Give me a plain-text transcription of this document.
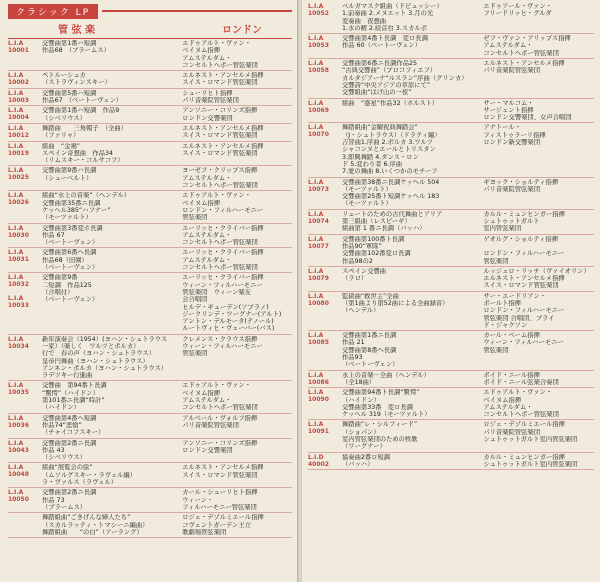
クラシック LP
管 弦 楽	ロンドン
L.I.A
10001
交響曲第1番ハ短調
作品68　（ブラームス）
エドゥアルト・ヴァン・
ベイヌム指揮
アムステルダム・
コンセルトヘボー管弦楽団
L.I.A
10002
ペトルーシュカ
（ストラヴィンスキー）
エルネスト・アンセルメ指揮
スイス・ロマンド管弦楽団
L.I.A
10003
交響曲第5番ハ短調
作品67　（ベートーヴェン）
シューリヒト指揮
パリ音楽院管弦楽団
L.I.A
10004
交響曲第1番ハ短調　作品9
（シベリウス）
アンソニー・コリンズ指揮
ロンドン交響楽団
L.I.A
10012
舞踏曲　　三角帽子　（全曲）
（ファリャ）
エルネスト・アンセルメ指揮
スイス・ロマンド管弦楽団
L.I.A
10019
組曲　“金鶏”
スペイン奇想曲　作品34
（リムスキー・コルサコフ）
エルネスト・アンセルメ指揮
スイス・ロマンド管弦楽団
L.I.A
10025
交響曲第9番ハ長調
（シューベルト）
ヨーゼフ・クリップス指揮
アムステルダム・
コンセルトヘボー管弦楽団
L.I.A
10026
組曲“水上の音楽”（ヘンデル）
交響曲第35番ニ長調
ケッヘル385“ハフナー”
（モーツァルト）
エドゥアルト・ヴァン・
ベイヌム指揮
ロンドン・フィルハーモニー
管弦楽団
L.I.A
10030
交響曲第3番変ホ長調
作品 67
（ベートーヴェン）
エーリッヒ・クライバー指揮
アムステルダム・
コンセルトヘボー管弦楽団
L.I.A
10031
交響曲第6番ヘ長調
作品68（田園）
（ベートーヴェン）
エーリッヒ・クライバー指揮
アムステルダム・
コンセルトヘボー管弦楽団
L.I.A
10032

L.I.A
10033
交響曲第9番
二短調　作品125
（合唱付）
（ベートーヴェン）
エーリッヒ・クライバー指揮
ウィーン・フィルハーモニー
管弦楽団　ウィーン楽友
会合唱団
ヒルデ・ギューデン(ソプラノ)
ジークリンデ・ワーグナー(アルト)
アントン・デルモータ(テノール)
ルートヴィヒ・ヴェーバー(バス)
L.I.A
10034
新年演奏会（1954）(ヨハン・シュトラウス
一家）（楽しく　ワルツとポルカ）
行で　春の声（ヨハン・シュトラウス）
皇帝円舞曲（ヨハン・シュトラウス）
アンネン・ポルカ（ヨハン・シュトラウス）
ラデツキー行進曲
クレメンス・クラウス指揮
ウィーン・フィルハーモニー
管弦楽団
L.I.A
10035
交響曲　第94番ト長調
“驚愕”（ハイドン）
第101番ニ長調“時計”
（ハイドン）
エドゥアルト・ヴァン・
ベイヌム指揮
アムステルダム・
コンセルトヘボー管弦楽団
L.I.A
10036
交響曲第4番ヘ短調
作品74“悲愴”
（チャイコフスキー）
アルベール・ヴォルフ指揮
パリ音楽院管弦楽団
L.I.A
10043
交響曲第2番ニ長調
作品 43
（シベリウス）
アンソニー・コリンズ指揮
ロンドン交響楽団
L.I.A
10048
組曲“展覧会の絵”
（ムソルグスキー・ラヴェル編）
ラ・ヴァルス（ラヴェル）
エルネスト・アンセルメ指揮
スイス・ロマンド管弦楽団
L.I.A
10050
交響曲第2番ニ長調
作品 73
（ブラームス）
カール・シューリヒト指揮
ウィーン・
フィルハーモニー管弦楽団

舞踏組曲“ごきげんな婦人たち”
（スカルラッティ・トマシーニ編曲）
舞踏組曲　　“の白”（アーラング）
ロジェ・デゾルミエール指揮
コヴェントガーデン王立
歌劇場管弦楽団
L.I.A
10052
ベルガマスク組曲（ドビュッシー）
1.前奏曲 2.メヌエット 3.月の光
変奏曲　夜想曲
1.水の精 2.絞首台 3.スカルボ
エドゥアール・ヴァン・
フリードリッヒ・グルダ
L.I.A
10053
交響曲第4番ト長調　変ロ長調
作品 60（ベートーヴェン）
ゼフ・ヴァン・アリップス指揮
アムステルダム・
コンセルトヘボー管弦楽団
L.I.A
10058
交響曲第6番ニ長調作品25
“古典交響曲”（プロコフィエフ）
カルタジアーナ“ルスラン”序曲（グリンカ）
交響詩“中央アジアの草原にて”
交響組曲“はげ山の一夜”
エルネスト・アンセルメ指揮
パリ音楽院管弦楽団
L.I.A
10069
組曲　“惑星”作品32（ホルスト）	サー・マルコム・
サージェント指揮
ロンドン交響楽団、女声合唱団
L.I.A
10070
舞踏組曲“金曜祝典舞踏会”
（J・シュトラウス）（ドラティ編）
吉冒曲1.序曲 2.ポルカ 3.ワルツ
シャコンヌとエールとトリスタン
3.即興舞踏 4.ダンス・ロン
ド 5.変わり者 6.序曲
7.愛の舞曲 8.いくつかのモチーフ
アナトール・
フィストゥラーリ指揮
ロンドン新交響楽団
L.I.A
10073
交響曲第38番ニ長調ケッヘル 504
（モーツァルト）
交響曲第25番ト短調ケッヘル 183
（モーツァルト）
ギヨック・ショルティ指揮
パリ音楽院管弦楽団
L.I.A
10074
リュートのための古代舞曲とアリア
第三組曲（レスピーギ）
組曲第 1 番ニ長調（バッハ）
カルル・ミュンヒンガー指揮
シュトゥットガルト
室内管弦楽団
L.I.A
10077
交響曲第100番ト長調
作品90“軍隊”
交響曲第102番変ロ長調
作品98の2
ゲオルグ・ショルティ指揮

ロンドン・フィルハーモニー
管弦楽団
L.I.A
10079
スペイン交響曲
（ラロ）
ルッジェロ・リッチ（ヴァイオリン）
エルネスト・アンセルメ指揮
スイス・ロマンド管弦楽団
L.I.A
10080
監獄曲“救世主”全曲
（第1曲より第52曲による全曲録音）
（ヘンデル）
サー・エードリアン・
ボールト指揮
ロンドン・フィルハーモニー
管弦楽団 合唱団、ブライ
ド・ジャクソン
L.I.A
10085
交響曲第1番ニ長調
作品 21
交響曲第8番ヘ長調
作品93
（ベートーヴェン）
カール・ベーム指揮
ウィーン・フィルハーモニー
管弦楽団
L.I.A
10086
水上の音楽－全曲（ヘンデル）
（全18曲）
ボイド・ニール指揮
ボイド・ニール弦楽合奏団
L.I.A
10090
交響曲第94番ト長調“驚愕”
（ハイドン）
交響曲第33番　変ロ長調
ケッヘル 319（モーツァルト）
エドゥアルト・ヴァン・
ベイヌム指揮
アムステルダム・
コンセルトヘボー管弦楽団
L.I.A
10091
舞踏曲“レ・シルフィード”
（ショパン）
室内管弦楽団のための牧歌
（ワーグナー）
ロジェ・デゾルミエール指揮
パリ音楽院管弦楽団
シュトゥットガルト室内管弦楽団
L.I.D
40002
協奏曲2番ロ短調
（バッハ）
カルル・ミュンヒンガー指揮
シュトゥットガルト室内管弦楽団
